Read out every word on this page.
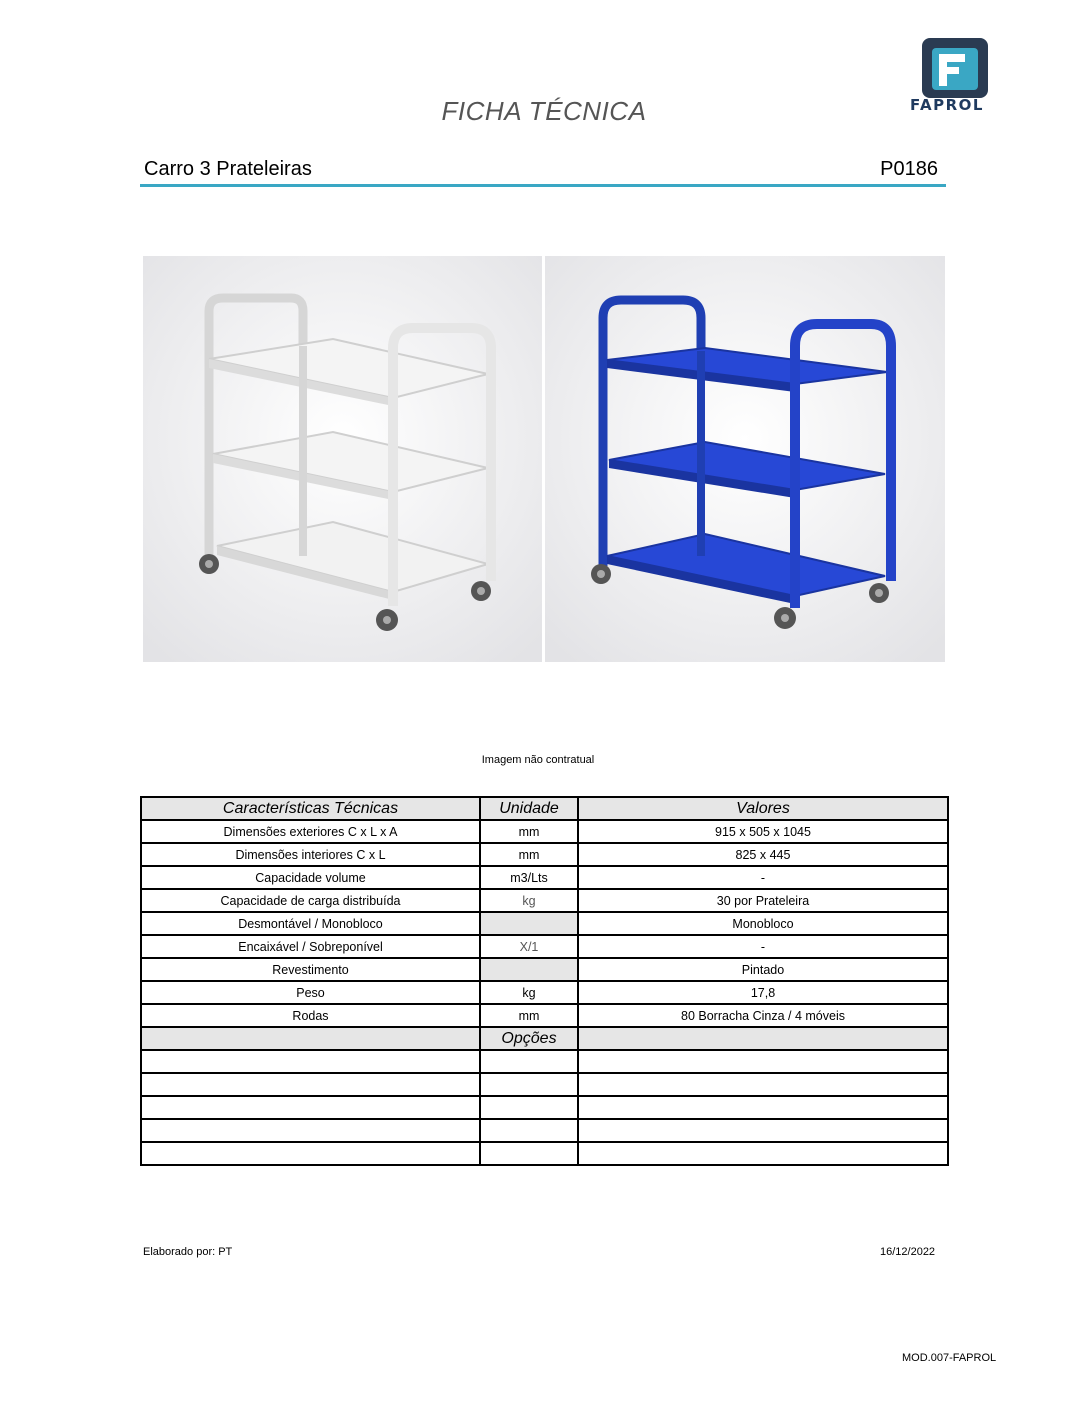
FAPROL
FICHA TÉCNICA
Carro 3 Prateleiras	P0186
Imagem não contratual
Características Técnicas	Unidade	Valores
Dimensões exteriores C x L x A	mm	915 x 505 x 1045
Dimensões interiores C x L	mm	825 x 445
Capacidade volume	m3/Lts	-
Capacidade de carga distribuída	kg	30 por Prateleira
Desmontável / Monobloco		Monobloco
Encaixável / Sobreponível	X/1	-
Revestimento		Pintado
Peso	kg	17,8
Rodas	mm	80 Borracha Cinza / 4 móveis
	Opções	

Elaborado por: PT	16/12/2022
MOD.007-FAPROL
